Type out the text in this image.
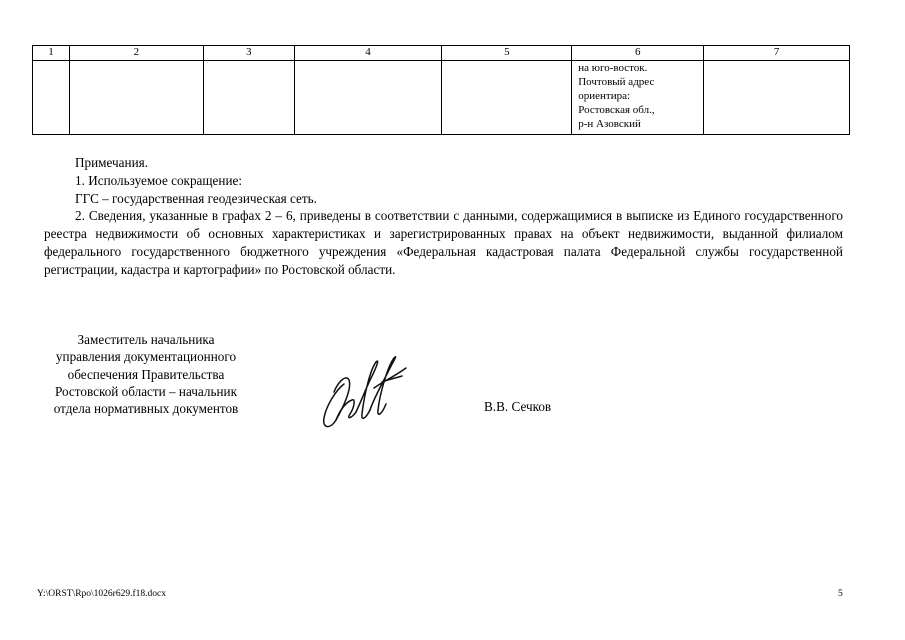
1	2	3	4	5	6	7

					на юго-восток.
Почтовый адрес
ориентира:
Ростовская обл.,
р-н Азовский	

Примечания.

1. Используемое сокращение:

ГГС – государственная геодезическая сеть.

2. Сведения, указанные в графах 2 – 6, приведены в соответствии с данными, содержащимися в выписке из Единого государственного реестра недвижимости об основных характеристиках и зарегистрированных правах на объект недвижимости, выданной филиалом федерального государственного бюджетного учреждения «Федеральная кадастровая палата Федеральной службы государственной регистрации, кадастра и картографии» по Ростовской области.

Заместитель начальника
управления документационного
обеспечения Правительства
Ростовской области – начальник
отдела нормативных документов	В.В. Сечков
Y:\ORST\Rpo\1026r629.f18.docx	5
